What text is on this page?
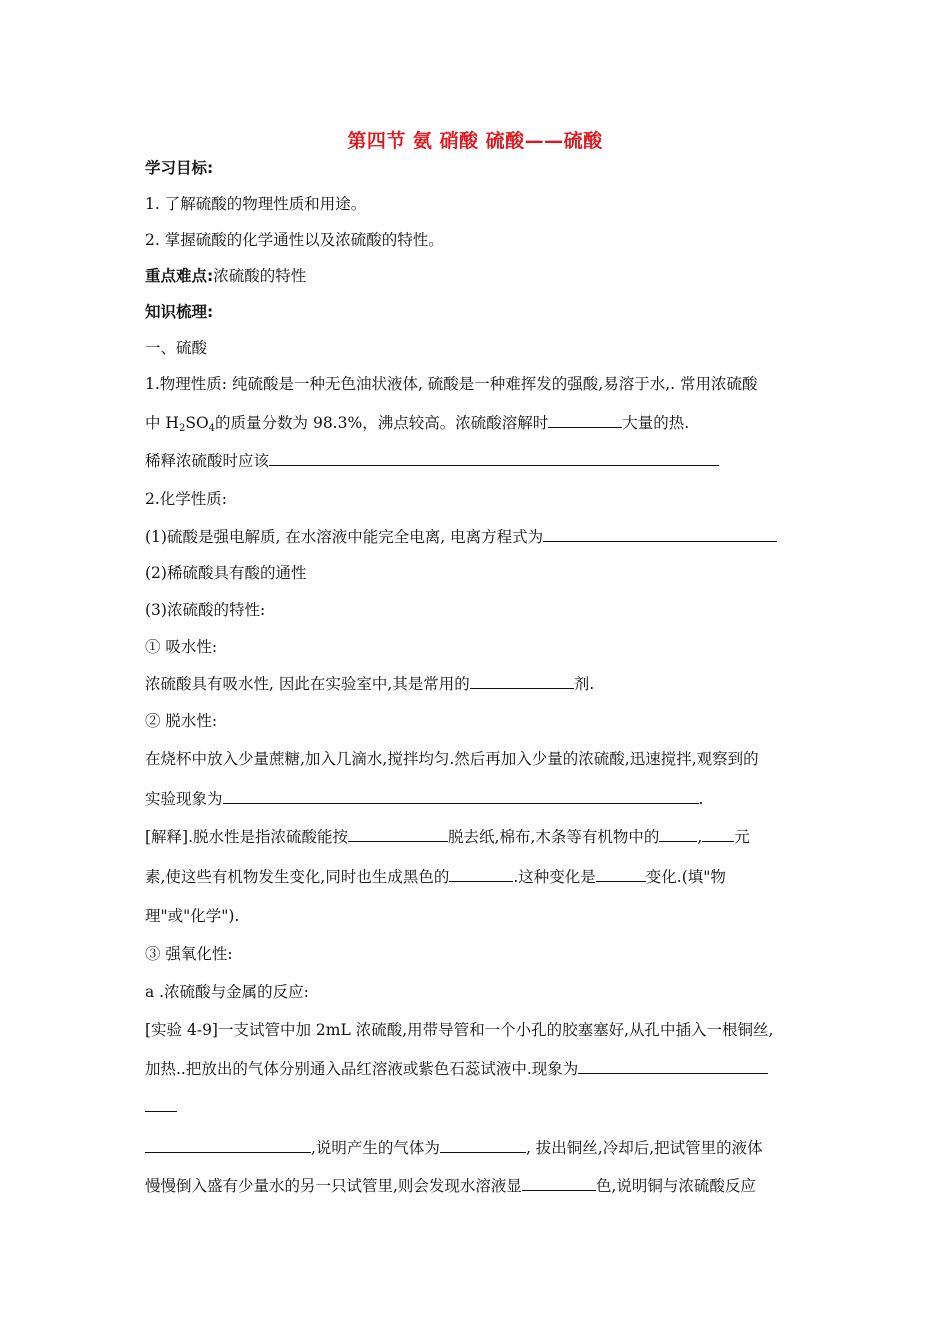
第四节 氨 硝酸 硫酸——硫酸
学习目标:
1. 了解硫酸的物理性质和用途。
2. 掌握硫酸的化学通性以及浓硫酸的特性。
重点难点:浓硫酸的特性
知识梳理:
一、硫酸
1.物理性质: 纯硫酸是一种无色油状液体, 硫酸是一种难挥发的强酸,易溶于水,. 常用浓硫酸
中 $H_2SO_4$的质量分数为 98.3%，沸点较高。浓硫酸溶解时	大量的热.
稀释浓硫酸时应该
2.化学性质:
(1)硫酸是强电解质, 在水溶液中能完全电离, 电离方程式为
(2)稀硫酸具有酸的通性
(3)浓硫酸的特性:
① 吸水性:
浓硫酸具有吸水性, 因此在实验室中,其是常用的	剂.
② 脱水性:
在烧杯中放入少量蔗糖,加入几滴水,搅拌均匀.然后再加入少量的浓硫酸,迅速搅拌,观察到的
实验现象为	.
[解释].脱水性是指浓硫酸能按	脱去纸,棉布,木条等有机物中的 , 元
素,使这些有机物发生变化,同时也生成黑色的	.这种变化是	变化.(填"物
理"或"化学").
③ 强氧化性:
a .浓硫酸与金属的反应:
[实验 4-9]一支试管中加 2mL 浓硫酸,用带导管和一个小孔的胶塞塞好,从孔中插入一根铜丝,
加热..把放出的气体分别通入品红溶液或紫色石蕊试液中.现象为
,说明产生的气体为	, 拔出铜丝,冷却后,把试管里的液体
慢慢倒入盛有少量水的另一只试管里,则会发现水溶液显	色,说明铜与浓硫酸反应
